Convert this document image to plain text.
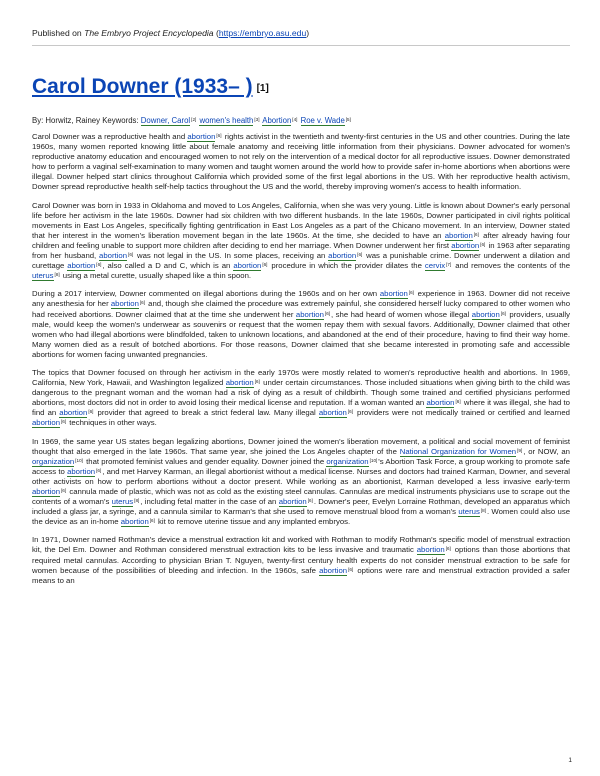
Published on The Embryo Project Encyclopedia (https://embryo.asu.edu)
Carol Downer (1933– ) [1]
By: Horwitz, Rainey Keywords: Downer, Carol[2] women's health[3] Abortion[4] Roe v. Wade[5]

Carol Downer was a reproductive health and abortion[6] rights activist in the twentieth and twenty-first centuries in the US and other countries. During the late 1960s, many women reported knowing little about female anatomy and receiving little information from their physicians. Downer advocated for women's reproductive anatomy education and encouraged women to not rely on the intervention of a medical doctor for all reproductive issues. Downer demonstrated how to perform a vaginal self-examination to many women and taught women around the world how to provide safer in-home abortions when abortions were illegal. Downer helped start clinics throughout California which provided some of the first legal abortions in the US. With her reproductive health activism, Downer spread reproductive health self-help tactics throughout the US and the world, thereby improving women's access to health information.

Carol Downer was born in 1933 in Oklahoma and moved to Los Angeles, California, when she was very young. Little is known about Downer's early personal life before her activism in the late 1960s. Downer had six children with two different husbands. In the late 1960s, Downer participated in civil rights political movements in East Los Angeles, specifically fighting gentrification in East Los Angeles as a part of the Chicano movement. In an interview, Downer stated that her interest in the women's liberation movement began in the late 1960s. At the time, she decided to have an abortion[6] after already having four children and feeling unable to support more children after deciding to end her marriage. When Downer underwent her first abortion[6] in 1963 after separating from her husband, abortion[6] was not legal in the US. In some places, receiving an abortion[6] was a punishable crime. Downer underwent a dilation and curettage abortion[6], also called a D and C, which is an abortion[6] procedure in which the provider dilates the cervix[7] and removes the contents of the uterus[8] using a metal curette, usually shaped like a thin spoon.

During a 2017 interview, Downer commented on illegal abortions during the 1960s and on her own abortion[6] experience in 1963. Downer did not receive any anesthesia for her abortion[6] and, though she claimed the procedure was extremely painful, she considered herself lucky compared to other women who had received abortions. Downer claimed that at the time she underwent her abortion[6], she had heard of women whose illegal abortion[6] providers, usually male, would keep the women's underwear as souvenirs or request that the women repay them with sexual favors. Additionally, Downer claimed that other women who had illegal abortions were blindfolded, taken to unknown locations, and abandoned at the end of their procedure, having to find their way home. Many women died as a result of botched abortions. For those reasons, Downer claimed that she became interested in promoting safe and accessible abortions for women facing unwanted pregnancies.

The topics that Downer focused on through her activism in the early 1970s were mostly related to women's reproductive health and abortions. In 1969, California, New York, Hawaii, and Washington legalized abortion[6] under certain circumstances. Those included situations when giving birth to the child was dangerous to the pregnant woman and the woman had a risk of dying as a result of childbirth. Though some trained and certified physicians performed abortions, most doctors did not in order to avoid losing their medical license and reputation. If a woman wanted an abortion[6] where it was illegal, she had to find an abortion[6] provider that agreed to break a strict federal law. Many illegal abortion[6] providers were not medically trained or certified and learned abortion[6] techniques in other ways.

In 1969, the same year US states began legalizing abortions, Downer joined the women's liberation movement, a political and social movement of feminist thought that also emerged in the late 1960s. That same year, she joined the Los Angeles chapter of the National Organization for Women[9], or NOW, an organization[10] that promoted feminist values and gender equality. Downer joined the organization[10]'s Abortion Task Force, a group working to promote safe access to abortion[6], and met Harvey Karman, an illegal abortionist without a medical license. Nurses and doctors had trained Karman, Downer, and several other activists on how to perform abortions without a doctor present. While working as an abortionist, Karman developed a less invasive early-term abortion[6] cannula made of plastic, which was not as cold as the existing steel cannulas. Cannulas are medical instruments physicians use to scrape out the contents of a woman's uterus[8], including fetal matter in the case of an abortion[6]. Downer's peer, Evelyn Lorraine Rothman, developed an apparatus which included a glass jar, a syringe, and a cannula similar to Karman's that she used to remove menstrual blood from a woman's uterus[8]. Women could also use the device as an in-home abortion[6] kit to remove uterine tissue and any implanted embryos.

In 1971, Downer named Rothman's device a menstrual extraction kit and worked with Rothman to modify Rothman's specific model of menstrual extraction kit, the Del Em. Downer and Rothman considered menstrual extraction kits to be less invasive and traumatic abortion[6] options than those abortions that required metal cannulas. According to physician Brian T. Nguyen, twenty-first century health experts do not consider menstrual extraction to be safe for women because of the possibilities of bleeding and infection. In the 1960s, safe abortion[6] options were rare and menstrual extraction provided a safer means to an

1
